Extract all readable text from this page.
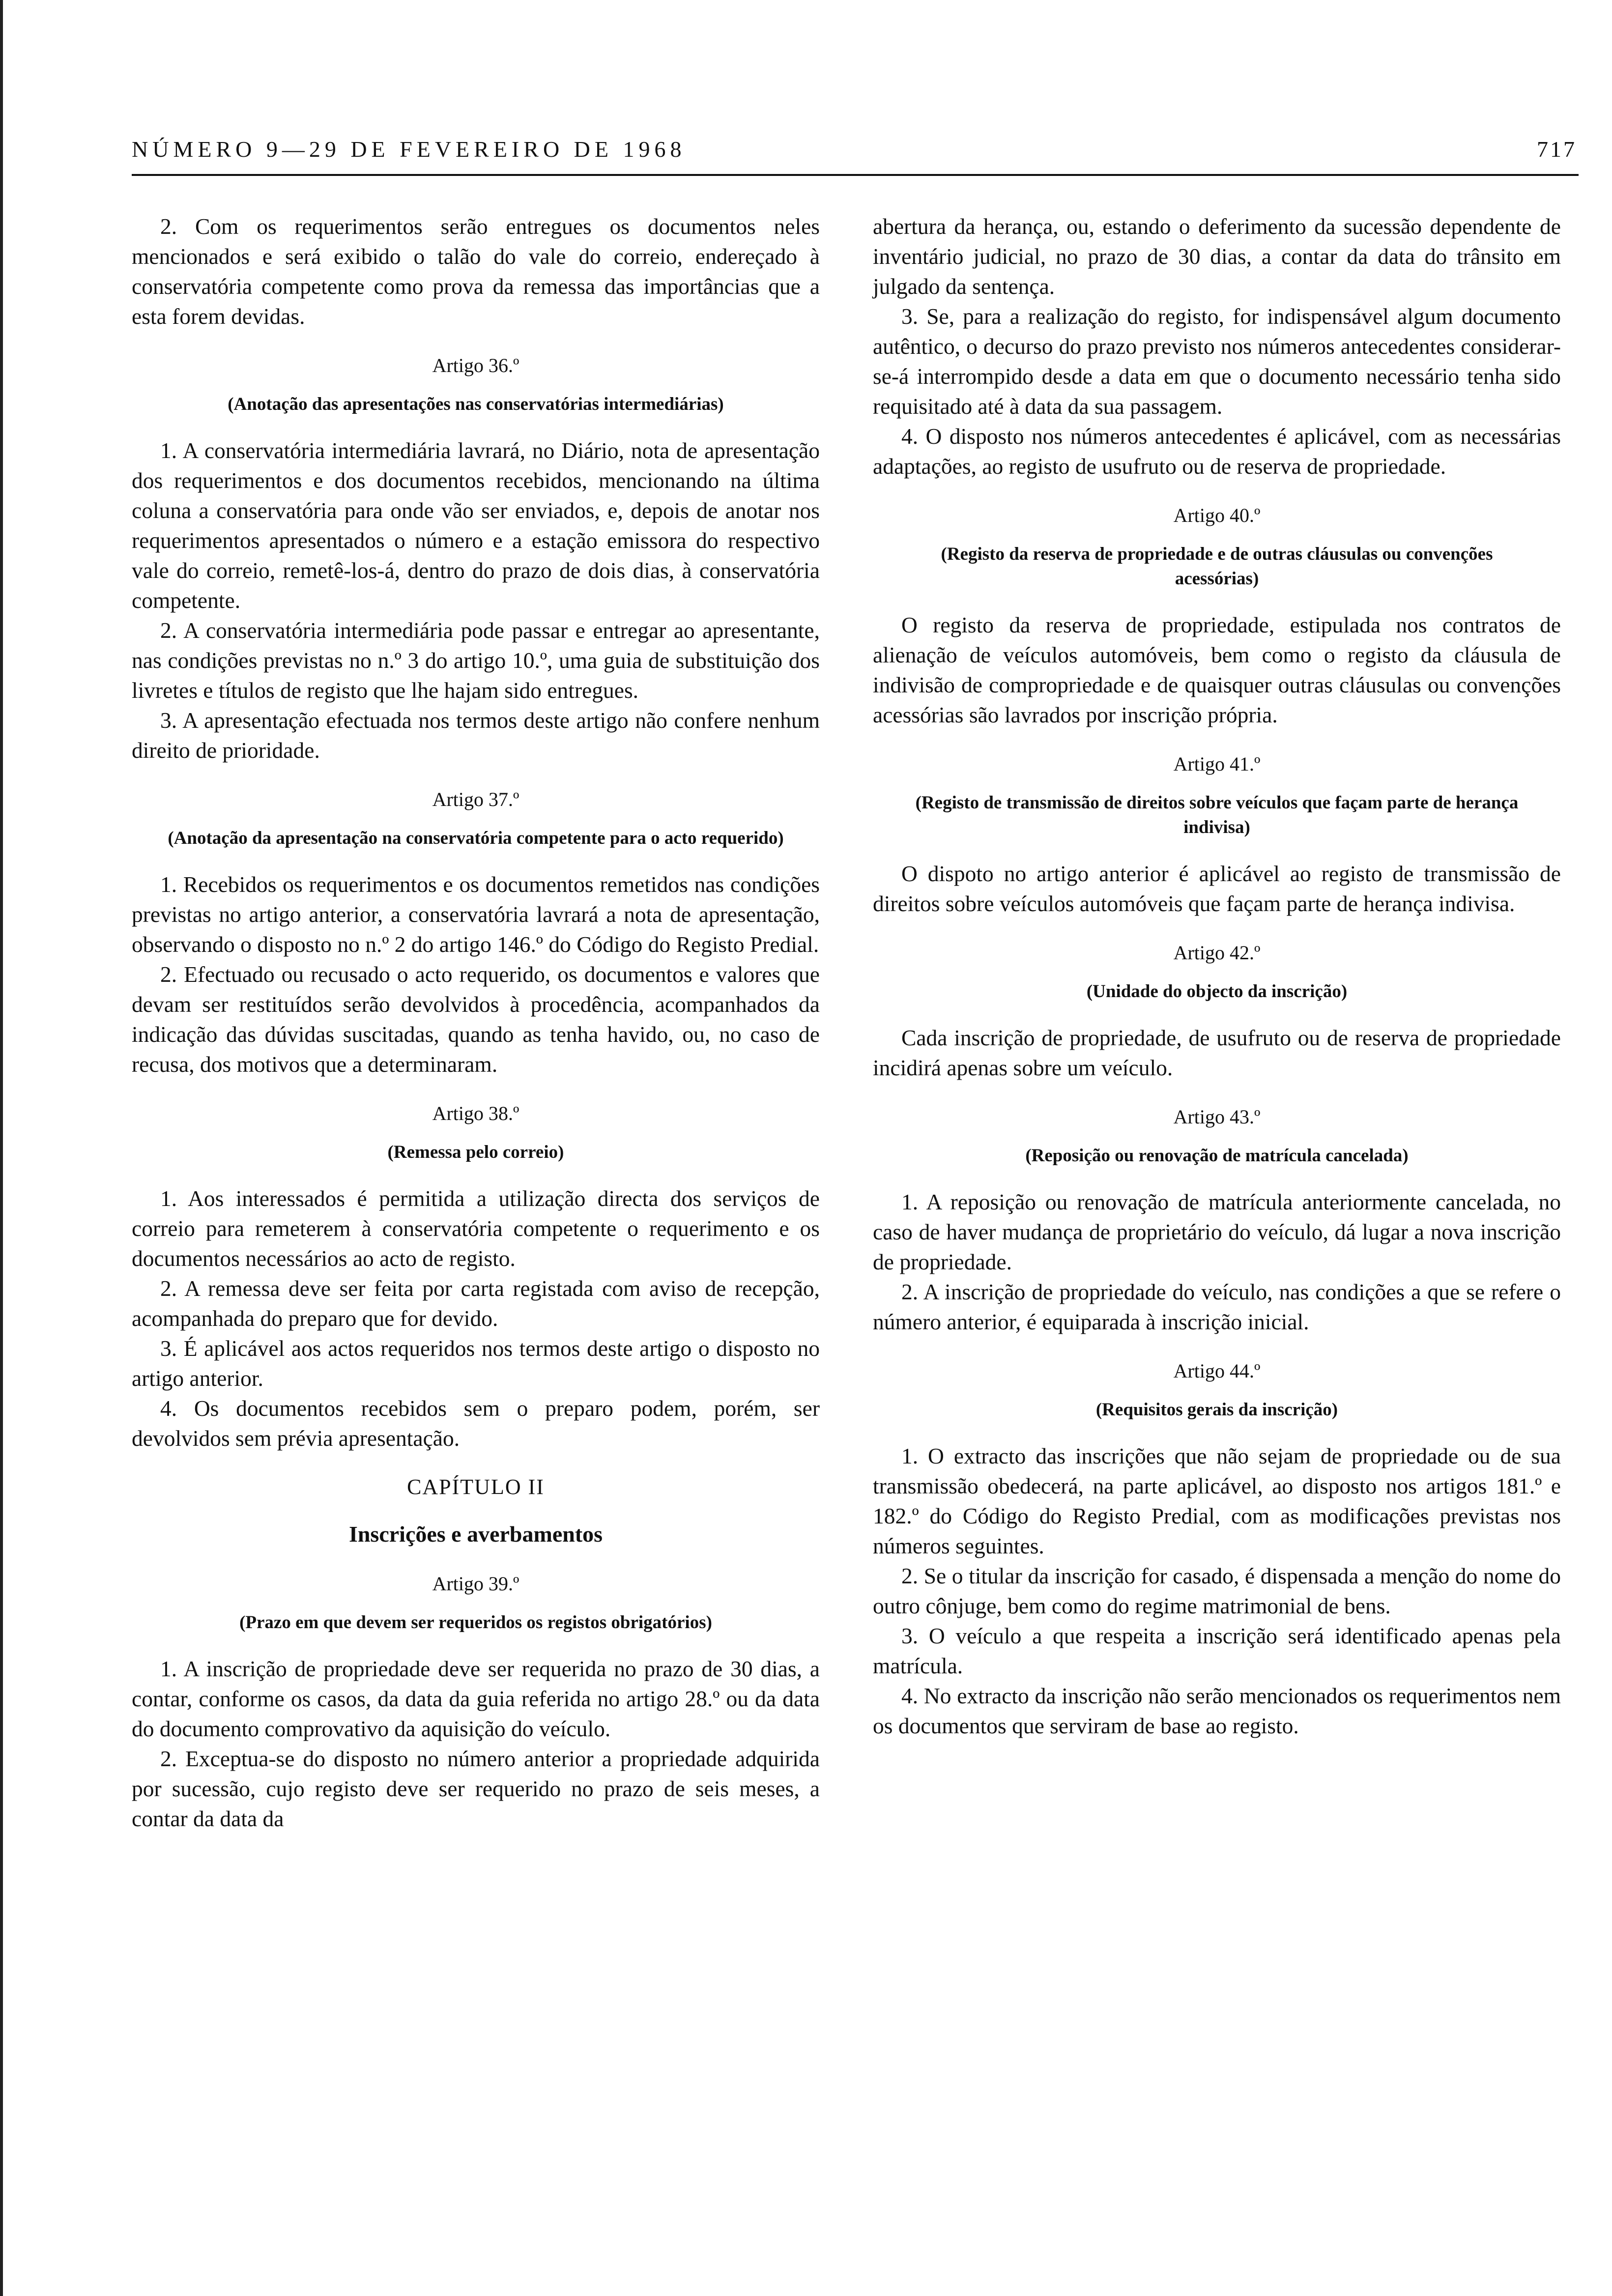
NÚMERO 9—29 DE FEVEREIRO DE 1968	717

2. Com os requerimentos serão entregues os documentos neles mencionados e será exibido o talão do vale do correio, endereçado à conservatória competente como prova da remessa das importâncias que a esta forem devidas.

Artigo 36.º
(Anotação das apresentações nas conservatórias intermediárias)

1. A conservatória intermediária lavrará, no Diário, nota de apresentação dos requerimentos e dos documentos recebidos, mencionando na última coluna a conservatória para onde vão ser enviados, e, depois de anotar nos requerimentos apresentados o número e a estação emissora do respectivo vale do correio, remetê-los-á, dentro do prazo de dois dias, à conservatória competente.

2. A conservatória intermediária pode passar e entregar ao apresentante, nas condições previstas no n.º 3 do artigo 10.º, uma guia de substituição dos livretes e títulos de registo que lhe hajam sido entregues.

3. A apresentação efectuada nos termos deste artigo não confere nenhum direito de prioridade.

Artigo 37.º
(Anotação da apresentação na conservatória competente para o acto requerido)

1. Recebidos os requerimentos e os documentos remetidos nas condições previstas no artigo anterior, a conservatória lavrará a nota de apresentação, observando o disposto no n.º 2 do artigo 146.º do Código do Registo Predial.

2. Efectuado ou recusado o acto requerido, os documentos e valores que devam ser restituídos serão devolvidos à procedência, acompanhados da indicação das dúvidas suscitadas, quando as tenha havido, ou, no caso de recusa, dos motivos que a determinaram.

Artigo 38.º
(Remessa pelo correio)

1. Aos interessados é permitida a utilização directa dos serviços de correio para remeterem à conservatória competente o requerimento e os documentos necessários ao acto de registo.

2. A remessa deve ser feita por carta registada com aviso de recepção, acompanhada do preparo que for devido.

3. É aplicável aos actos requeridos nos termos deste artigo o disposto no artigo anterior.

4. Os documentos recebidos sem o preparo podem, porém, ser devolvidos sem prévia apresentação.

CAPÍTULO II
Inscrições e averbamentos
Artigo 39.º
(Prazo em que devem ser requeridos os registos obrigatórios)

1. A inscrição de propriedade deve ser requerida no prazo de 30 dias, a contar, conforme os casos, da data da guia referida no artigo 28.º ou da data do documento comprovativo da aquisição do veículo.

2. Exceptua-se do disposto no número anterior a propriedade adquirida por sucessão, cujo registo deve ser requerido no prazo de seis meses, a contar da data da

abertura da herança, ou, estando o deferimento da sucessão dependente de inventário judicial, no prazo de 30 dias, a contar da data do trânsito em julgado da sentença.

3. Se, para a realização do registo, for indispensável algum documento autêntico, o decurso do prazo previsto nos números antecedentes considerar-se-á interrompido desde a data em que o documento necessário tenha sido requisitado até à data da sua passagem.

4. O disposto nos números antecedentes é aplicável, com as necessárias adaptações, ao registo de usufruto ou de reserva de propriedade.

Artigo 40.º
(Registo da reserva de propriedade e de outras cláusulas ou convenções acessórias)

O registo da reserva de propriedade, estipulada nos contratos de alienação de veículos automóveis, bem como o registo da cláusula de indivisão de compropriedade e de quaisquer outras cláusulas ou convenções acessórias são lavrados por inscrição própria.

Artigo 41.º
(Registo de transmissão de direitos sobre veículos que façam parte de herança indivisa)

O dispoto no artigo anterior é aplicável ao registo de transmissão de direitos sobre veículos automóveis que façam parte de herança indivisa.

Artigo 42.º
(Unidade do objecto da inscrição)

Cada inscrição de propriedade, de usufruto ou de reserva de propriedade incidirá apenas sobre um veículo.

Artigo 43.º
(Reposição ou renovação de matrícula cancelada)

1. A reposição ou renovação de matrícula anteriormente cancelada, no caso de haver mudança de proprietário do veículo, dá lugar a nova inscrição de propriedade.

2. A inscrição de propriedade do veículo, nas condições a que se refere o número anterior, é equiparada à inscrição inicial.

Artigo 44.º
(Requisitos gerais da inscrição)

1. O extracto das inscrições que não sejam de propriedade ou de sua transmissão obedecerá, na parte aplicável, ao disposto nos artigos 181.º e 182.º do Código do Registo Predial, com as modificações previstas nos números seguintes.

2. Se o titular da inscrição for casado, é dispensada a menção do nome do outro cônjuge, bem como do regime matrimonial de bens.

3. O veículo a que respeita a inscrição será identificado apenas pela matrícula.

4. No extracto da inscrição não serão mencionados os requerimentos nem os documentos que serviram de base ao registo.
